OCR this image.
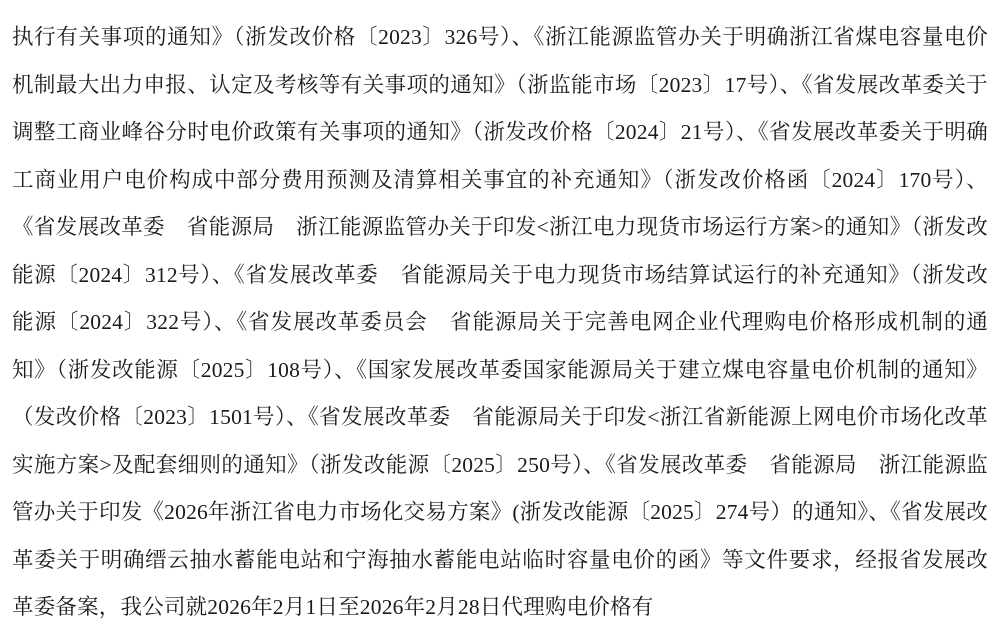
执行有关事项的通知》（浙发改价格〔2023〕326号）、《浙江能源监管办关于明确浙江省煤电容量电价机制最大出力申报、认定及考核等有关事项的通知》（浙监能市场〔2023〕17号）、《省发展改革委关于调整工商业峰谷分时电价政策有关事项的通知》（浙发改价格〔2024〕21号）、《省发展改革委关于明确工商业用户电价构成中部分费用预测及清算相关事宜的补充通知》（浙发改价格函〔2024〕170号）、《省发展改革委　省能源局　浙江能源监管办关于印发<浙江电力现货市场运行方案>的通知》（浙发改能源〔2024〕312号）、《省发展改革委　省能源局关于电力现货市场结算试运行的补充通知》（浙发改能源〔2024〕322号）、《省发展改革委员会　省能源局关于完善电网企业代理购电价格形成机制的通知》（浙发改能源〔2025〕108号）、《国家发展改革委国家能源局关于建立煤电容量电价机制的通知》（发改价格〔2023〕1501号）、《省发展改革委　省能源局关于印发<浙江省新能源上网电价市场化改革实施方案>及配套细则的通知》（浙发改能源〔2025〕250号）、《省发展改革委　省能源局　浙江能源监管办关于印发《2026年浙江省电力市场化交易方案》(浙发改能源〔2025〕274号）的通知》、《省发展改革委关于明确缙云抽水蓄能电站和宁海抽水蓄能电站临时容量电价的函》等文件要求，经报省发展改革委备案，我公司就2026年2月1日至2026年2月28日代理购电价格有
